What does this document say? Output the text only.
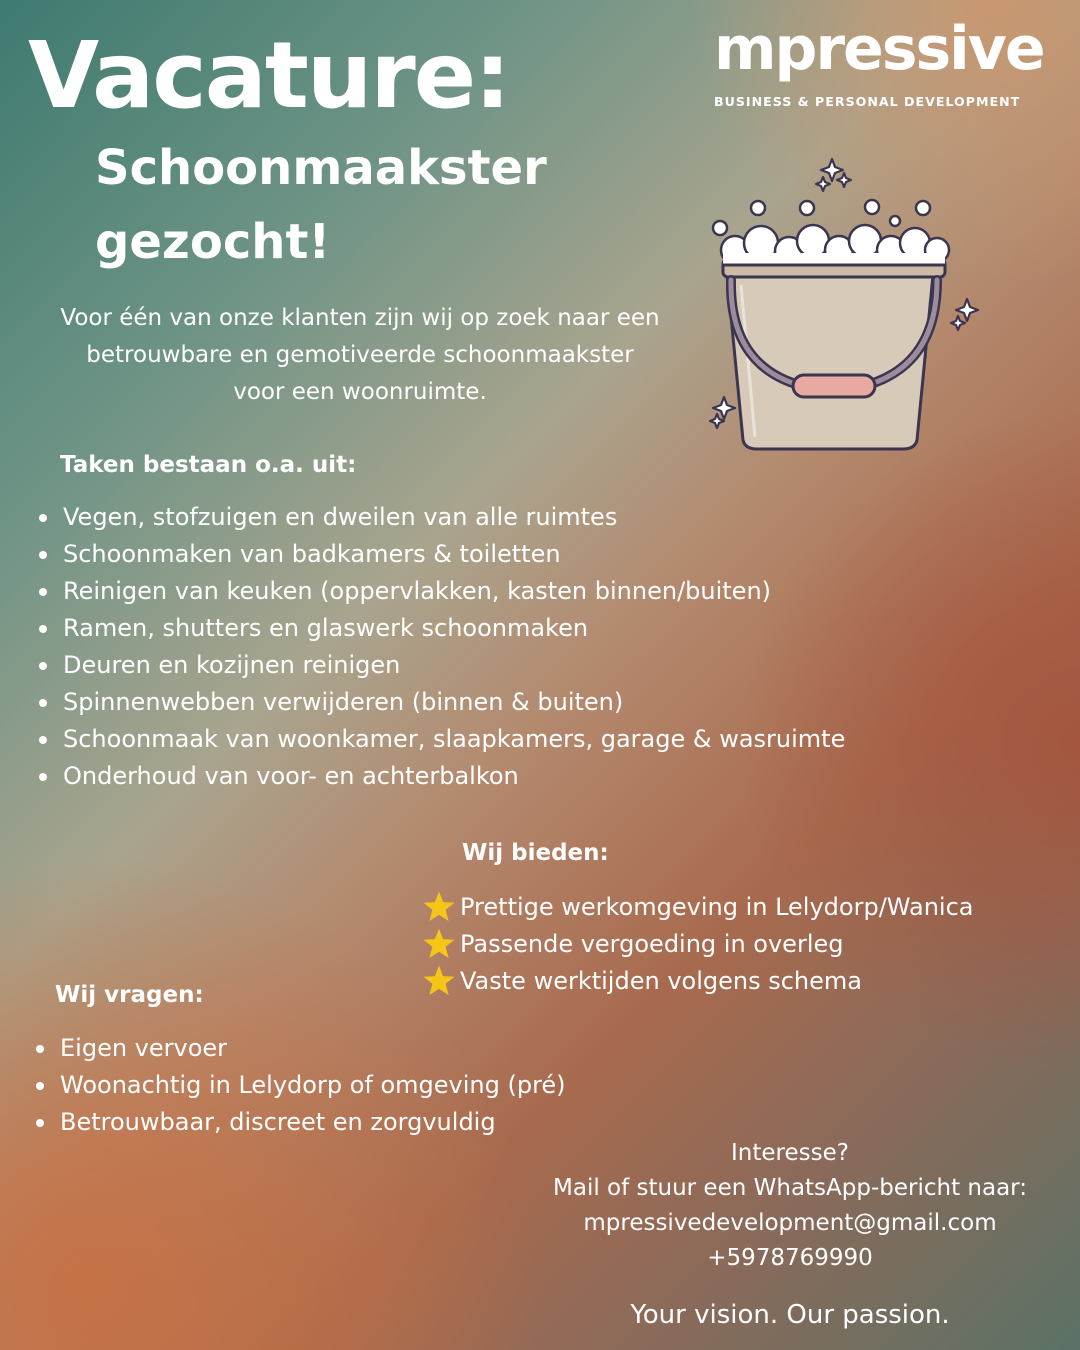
Vacature:
Schoonmaakster
gezocht!
mpressive
BUSINESS & PERSONAL DEVELOPMENT

Voor één van onze klanten zijn wij op zoek naar een betrouwbare en gemotiveerde schoonmaakster voor een woonruimte.

Taken bestaan o.a. uit:
Vegen, stofzuigen en dweilen van alle ruimtes
Schoonmaken van badkamers & toiletten
Reinigen van keuken (oppervlakken, kasten binnen/buiten)
Ramen, shutters en glaswerk schoonmaken
Deuren en kozijnen reinigen
Spinnenwebben verwijderen (binnen & buiten)
Schoonmaak van woonkamer, slaapkamers, garage & wasruimte
Onderhoud van voor- en achterbalkon
Wij bieden:
Prettige werkomgeving in Lelydorp/Wanica
Passende vergoeding in overleg
Vaste werktijden volgens schema
Wij vragen:
Eigen vervoer
Woonachtig in Lelydorp of omgeving (pré)
Betrouwbaar, discreet en zorgvuldig
Interesse?
Mail of stuur een WhatsApp-bericht naar:
mpressivedevelopment@gmail.com
+5978769990

Your vision. Our passion.
